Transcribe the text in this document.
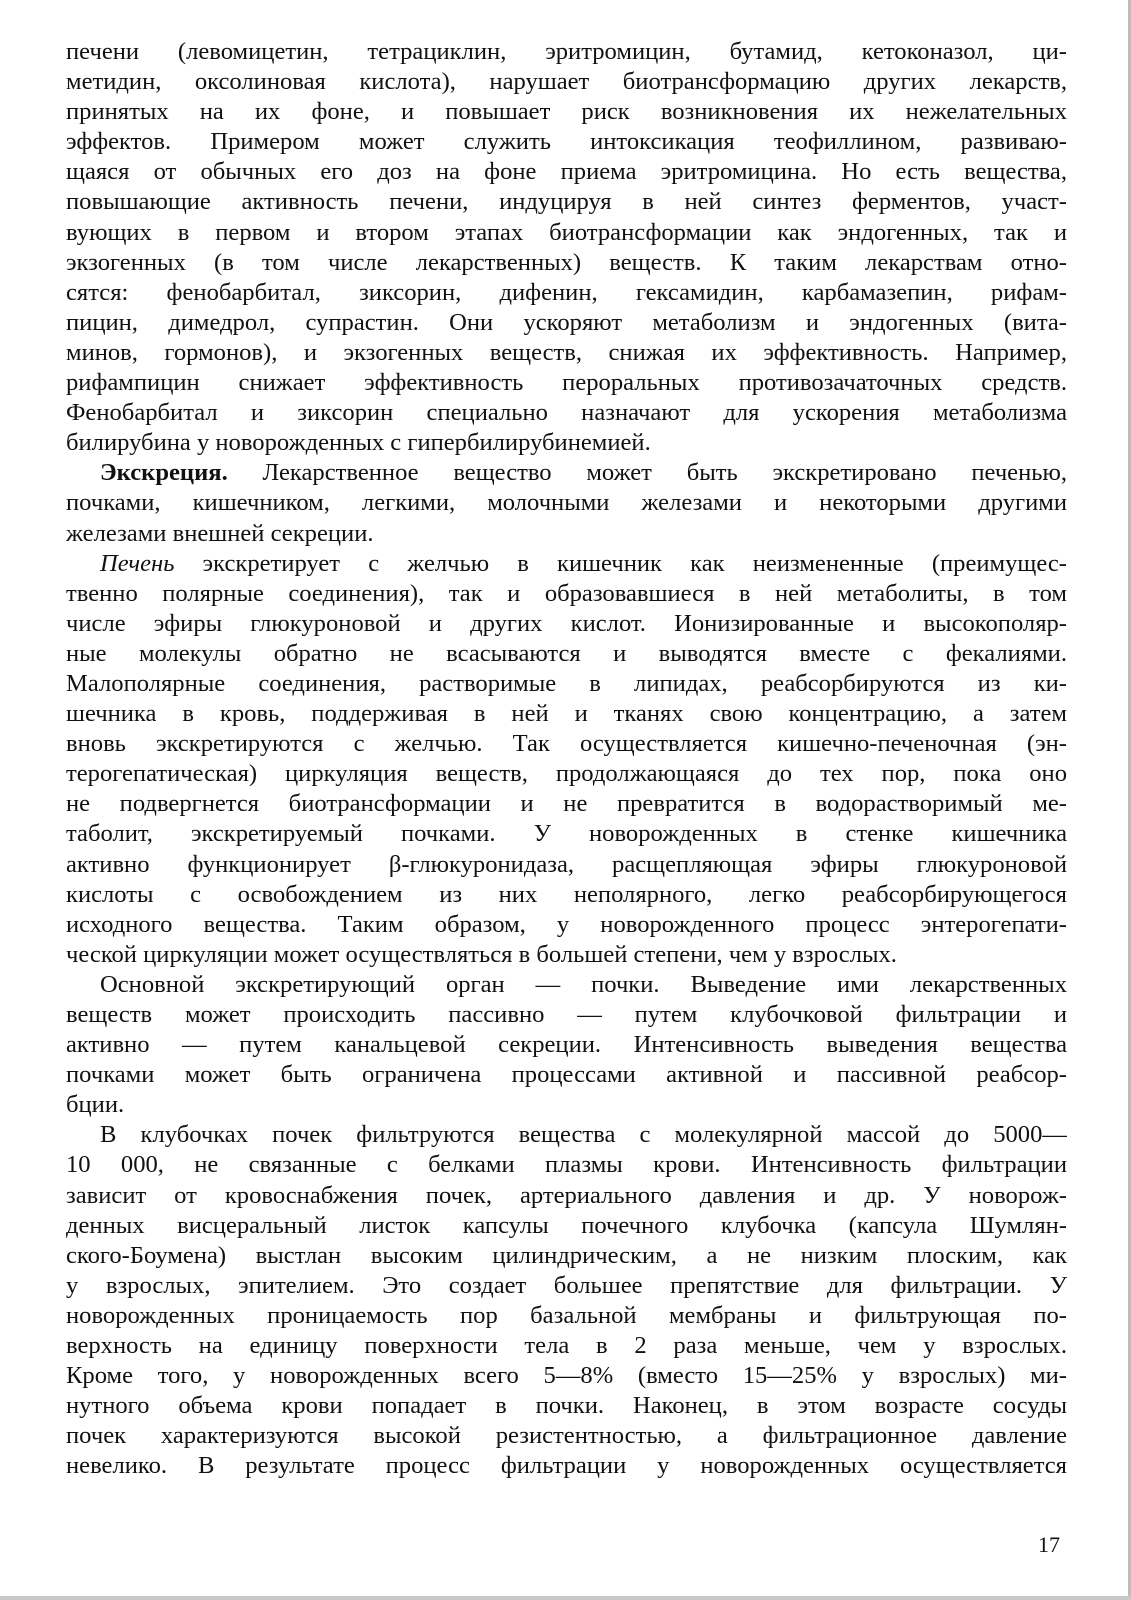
печени (левомицетин, тетрациклин, эритромицин, бутамид, кетоконазол, ци-
метидин, оксолиновая кислота), нарушает биотрансформацию других лекарств,
принятых на их фоне, и повышает риск возникновения их нежелательных
эффектов. Примером может служить интоксикация теофиллином, развиваю-
щаяся от обычных его доз на фоне приема эритромицина. Но есть вещества,
повышающие активность печени, индуцируя в ней синтез ферментов, участ-
вующих в первом и втором этапах биотрансформации как эндогенных, так и
экзогенных (в том числе лекарственных) веществ. К таким лекарствам отно-
сятся: фенобарбитал, зиксорин, дифенин, гексамидин, карбамазепин, рифам-
пицин, димедрол, супрастин. Они ускоряют метаболизм и эндогенных (вита-
минов, гормонов), и экзогенных веществ, снижая их эффективность. Например,
рифампицин снижает эффективность пероральных противозачаточных средств.
Фенобарбитал и зиксорин специально назначают для ускорения метаболизма
билирубина у новорожденных с гипербилирубинемией.
Экскреция. Лекарственное вещество может быть экскретировано печенью,
почками, кишечником, легкими, молочными железами и некоторыми другими
железами внешней секреции.
Печень экскретирует с желчью в кишечник как неизмененные (преимущес-
твенно полярные соединения), так и образовавшиеся в ней метаболиты, в том
числе эфиры глюкуроновой и других кислот. Ионизированные и высокополяр-
ные молекулы обратно не всасываются и выводятся вместе с фекалиями.
Малополярные соединения, растворимые в липидах, реабсорбируются из ки-
шечника в кровь, поддерживая в ней и тканях свою концентрацию, а затем
вновь экскретируются с желчью. Так осуществляется кишечно-печеночная (эн-
терогепатическая) циркуляция веществ, продолжающаяся до тех пор, пока оно
не подвергнется биотрансформации и не превратится в водорастворимый ме-
таболит, экскретируемый почками. У новорожденных в стенке кишечника
активно функционирует β-глюкуронидаза, расщепляющая эфиры глюкуроновой
кислоты с освобождением из них неполярного, легко реабсорбирующегося
исходного вещества. Таким образом, у новорожденного процесс энтерогепати-
ческой циркуляции может осуществляться в большей степени, чем у взрослых.
Основной экскретирующий орган — почки. Выведение ими лекарственных
веществ может происходить пассивно — путем клубочковой фильтрации и
активно — путем канальцевой секреции. Интенсивность выведения вещества
почками может быть ограничена процессами активной и пассивной реабсор-
бции.
В клубочках почек фильтруются вещества с молекулярной массой до 5000—
10 000, не связанные с белками плазмы крови. Интенсивность фильтрации
зависит от кровоснабжения почек, артериального давления и др. У новорож-
денных висцеральный листок капсулы почечного клубочка (капсула Шумлян-
ского-Боумена) выстлан высоким цилиндрическим, а не низким плоским, как
у взрослых, эпителием. Это создает большее препятствие для фильтрации. У
новорожденных проницаемость пор базальной мембраны и фильтрующая по-
верхность на единицу поверхности тела в 2 раза меньше, чем у взрослых.
Кроме того, у новорожденных всего 5—8% (вместо 15—25% у взрослых) ми-
нутного объема крови попадает в почки. Наконец, в этом возрасте сосуды
почек характеризуются высокой резистентностью, а фильтрационное давление
невелико. В результате процесс фильтрации у новорожденных осуществляется
17
